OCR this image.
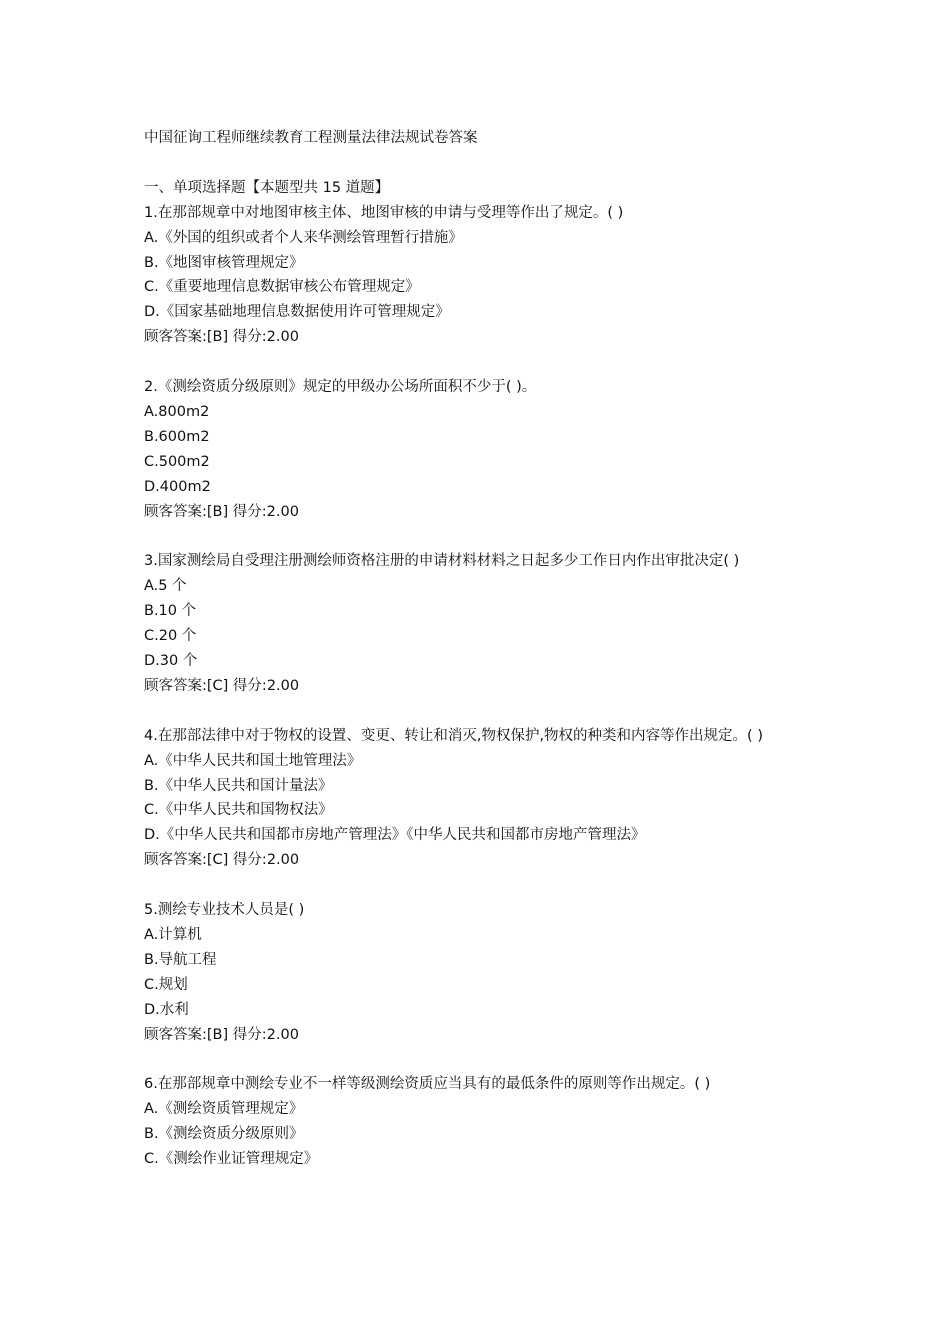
中国征询工程师继续教育工程测量法律法规试卷答案

一、单项选择题【本题型共 15 道题】

1.在那部规章中对地图审核主体、地图审核的申请与受理等作出了规定。( )

A.《外国的组织或者个人来华测绘管理暂行措施》

B.《地图审核管理规定》

C.《重要地理信息数据审核公布管理规定》

D.《国家基础地理信息数据使用许可管理规定》

顾客答案:[B] 得分:2.00

2.《测绘资质分级原则》规定的甲级办公场所面积不少于( )。

A.800m2

B.600m2

C.500m2

D.400m2

顾客答案:[B] 得分:2.00

3.国家测绘局自受理注册测绘师资格注册的申请材料材料之日起多少工作日内作出审批决定( )

A.5 个

B.10 个

C.20 个

D.30 个

顾客答案:[C] 得分:2.00

4.在那部法律中对于物权的设置、变更、转让和消灭,物权保护,物权的种类和内容等作出规定。( )

A.《中华人民共和国土地管理法》

B.《中华人民共和国计量法》

C.《中华人民共和国物权法》

D.《中华人民共和国都市房地产管理法》《中华人民共和国都市房地产管理法》

顾客答案:[C] 得分:2.00

5.测绘专业技术人员是( )

A.计算机

B.导航工程

C.规划

D.水利

顾客答案:[B] 得分:2.00

6.在那部规章中测绘专业不一样等级测绘资质应当具有的最低条件的原则等作出规定。( )

A.《测绘资质管理规定》

B.《测绘资质分级原则》

C.《测绘作业证管理规定》
